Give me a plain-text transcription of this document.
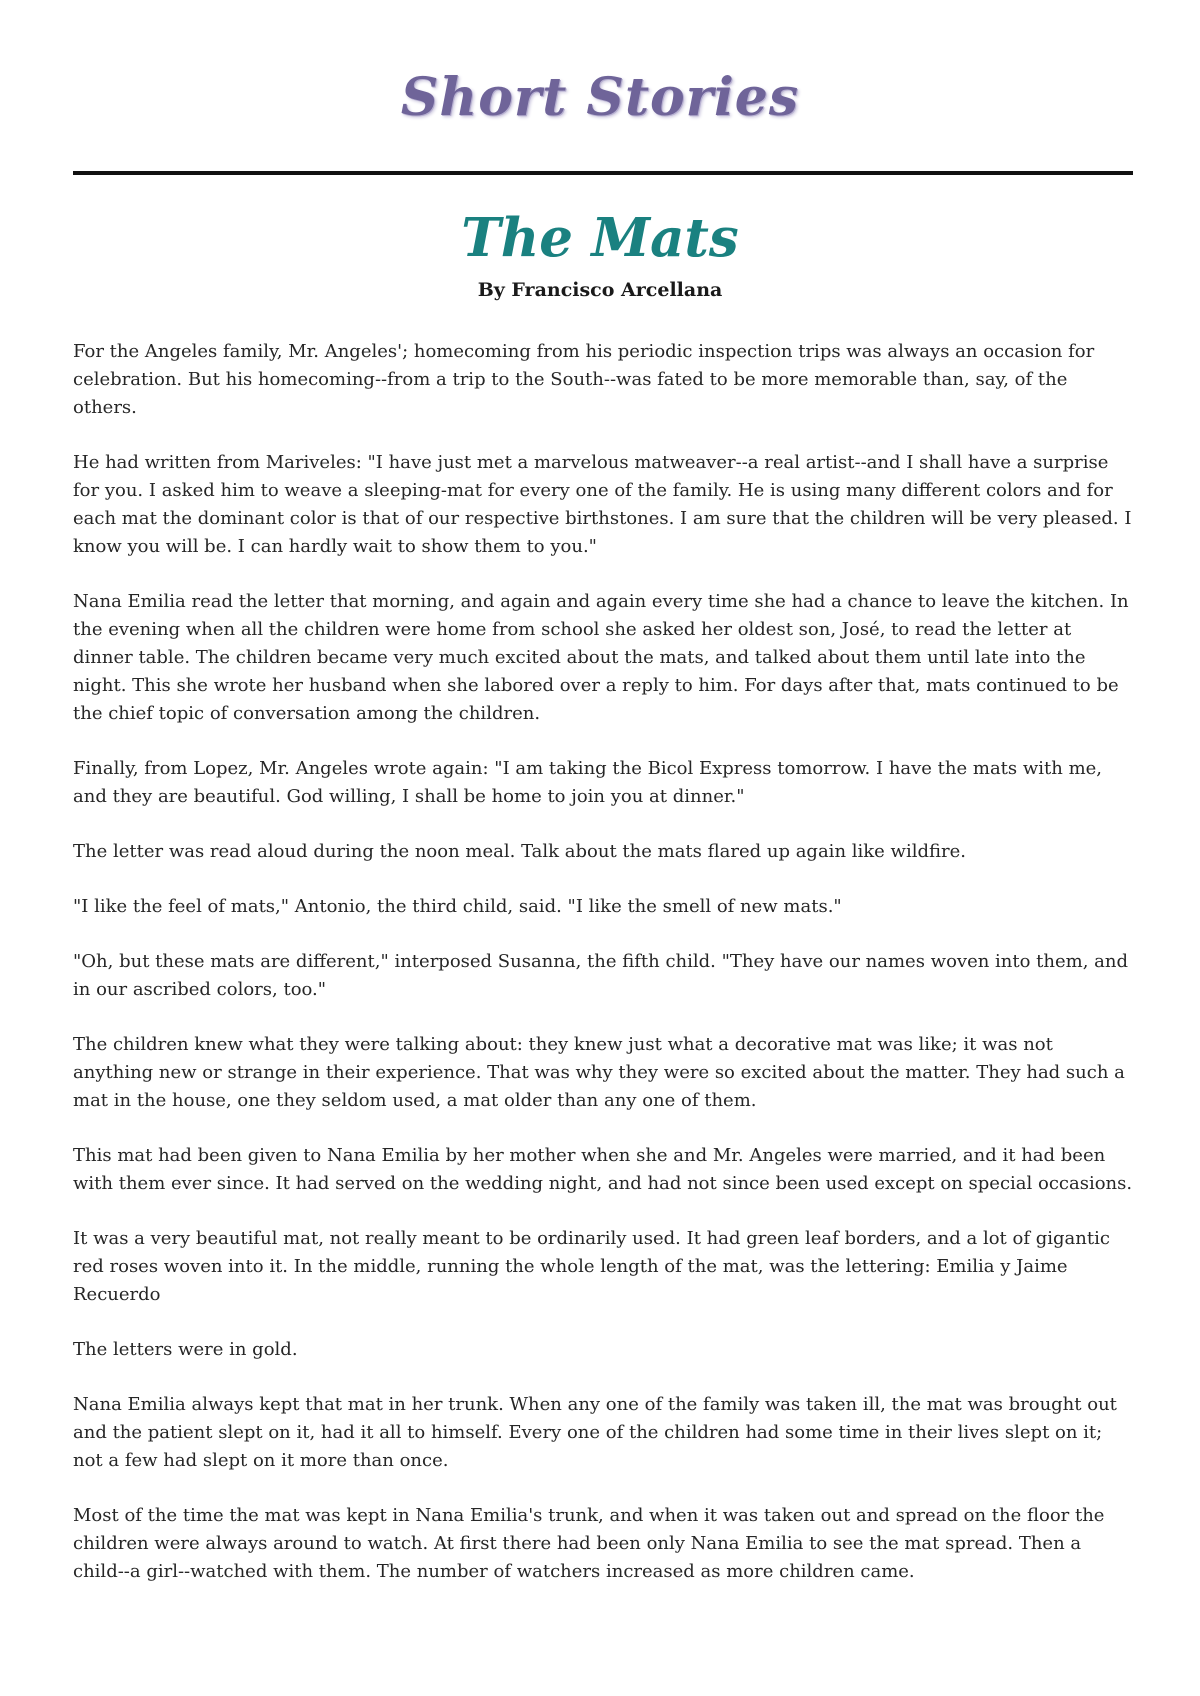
Short Stories
The Mats
By Francisco Arcellana

For the Angeles family, Mr. Angeles'; homecoming from his periodic inspection trips was always an occasion for celebration. But his homecoming--from a trip to the South--was fated to be more memorable than, say, of the others.

He had written from Mariveles: "I have just met a marvelous matweaver--a real artist--and I shall have a surprise for you. I asked him to weave a sleeping-mat for every one of the family. He is using many different colors and for each mat the dominant color is that of our respective birthstones. I am sure that the children will be very pleased. I know you will be. I can hardly wait to show them to you."

Nana Emilia read the letter that morning, and again and again every time she had a chance to leave the kitchen. In the evening when all the children were home from school she asked her oldest son, José, to read the letter at dinner table. The children became very much excited about the mats, and talked about them until late into the night. This she wrote her husband when she labored over a reply to him. For days after that, mats continued to be the chief topic of conversation among the children.

Finally, from Lopez, Mr. Angeles wrote again: "I am taking the Bicol Express tomorrow. I have the mats with me, and they are beautiful. God willing, I shall be home to join you at dinner."

The letter was read aloud during the noon meal. Talk about the mats flared up again like wildfire.

"I like the feel of mats," Antonio, the third child, said. "I like the smell of new mats."

"Oh, but these mats are different," interposed Susanna, the fifth child. "They have our names woven into them, and in our ascribed colors, too."

The children knew what they were talking about: they knew just what a decorative mat was like; it was not anything new or strange in their experience. That was why they were so excited about the matter. They had such a mat in the house, one they seldom used, a mat older than any one of them.

This mat had been given to Nana Emilia by her mother when she and Mr. Angeles were married, and it had been with them ever since. It had served on the wedding night, and had not since been used except on special occasions.

It was a very beautiful mat, not really meant to be ordinarily used. It had green leaf borders, and a lot of gigantic red roses woven into it. In the middle, running the whole length of the mat, was the lettering: Emilia y Jaime Recuerdo

The letters were in gold.

Nana Emilia always kept that mat in her trunk. When any one of the family was taken ill, the mat was brought out and the patient slept on it, had it all to himself. Every one of the children had some time in their lives slept on it; not a few had slept on it more than once.

Most of the time the mat was kept in Nana Emilia's trunk, and when it was taken out and spread on the floor the children were always around to watch. At first there had been only Nana Emilia to see the mat spread. Then a child--a girl--watched with them. The number of watchers increased as more children came.
